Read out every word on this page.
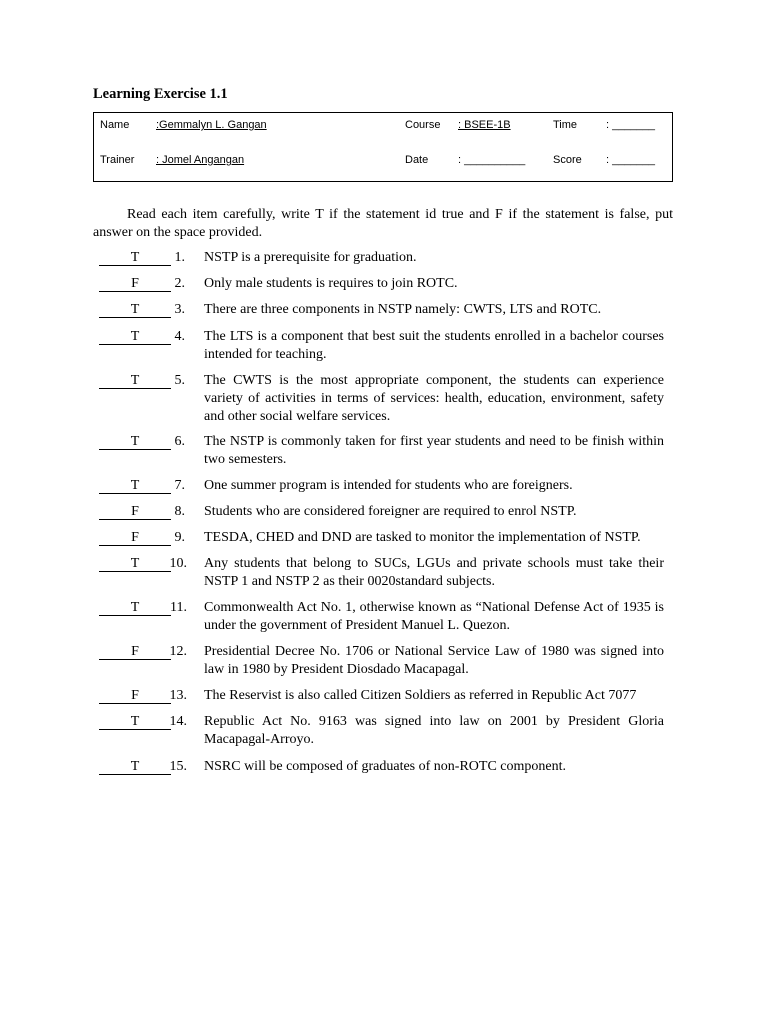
Learning Exercise 1.1
Name :Gemmalyn L. Gangan	Course : BSEE-1B	Time	: _______
Trainer : Jomel Angangan	Date	: __________	Score : _______
Read each item carefully, write T if the statement id true and F if the statement is false, put answer on the space provided.
T	1. NSTP is a prerequisite for graduation.
F	2. Only male students is requires to join ROTC.
T	3. There are three components in NSTP namely: CWTS, LTS and ROTC.
T	4. The LTS is a component that best suit the students enrolled in a bachelor courses intended for teaching.
T	5. The CWTS is the most appropriate component, the students can experience variety of activities in terms of services: health, education, environment, safety and other social welfare services.
T	6. The NSTP is commonly taken for first year students and need to be finish within two semesters.
T	7. One summer program is intended for students who are foreigners.
F	8. Students who are considered foreigner are required to enrol NSTP.
F	9. TESDA, CHED and DND are tasked to monitor the implementation of NSTP.
T	10. Any students that belong to SUCs, LGUs and private schools must take their NSTP 1 and NSTP 2 as their 0020standard subjects.
T	11. Commonwealth Act No. 1, otherwise known as “National Defense Act of 1935 is under the government of President Manuel L. Quezon.
F	12. Presidential Decree No. 1706 or National Service Law of 1980 was signed into law in 1980 by President Diosdado Macapagal.
F	13. The Reservist is also called Citizen Soldiers as referred in Republic Act 7077
T	14. Republic Act No. 9163 was signed into law on 2001 by President Gloria Macapagal-Arroyo.
T	15. NSRC will be composed of graduates of non-ROTC component.
